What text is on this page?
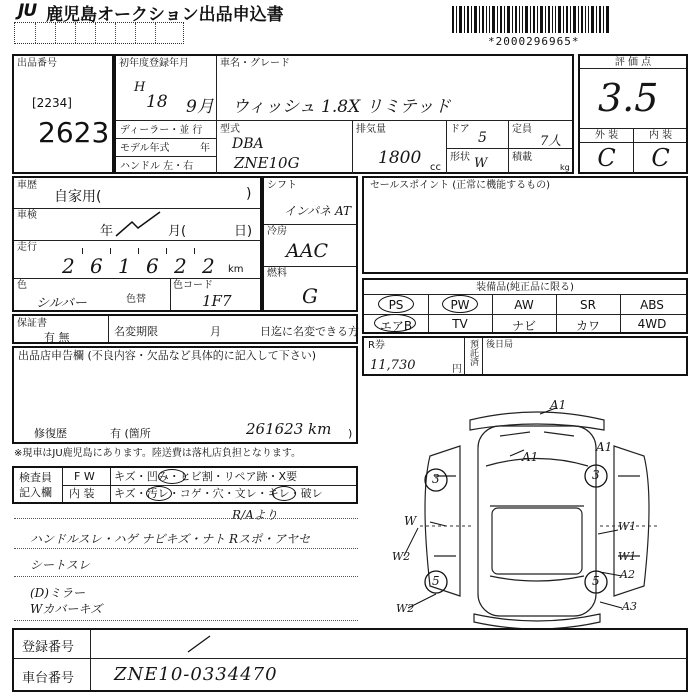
JU 鹿児島オークション出品申込書
*2000296965*
出品番号
[2234]
2623
初年度登録年月
H
18 9月
車名・グレード
ウィッシュ 1.8X リミテッド
ディーラー・並 行
モデル年式	年
ハンドル 左・右
型式
DBA
ZNE10G
排気量
1800 cc
ドア
5
定員
7人
形状 W 積載
kg
評 価 点
3.5
外 装	内 装
C	C
車歴
自家用(	)
車検
年	月(	日)
走行
2 6 1 6 2 2 km
色
シルバー	色替
色コード
1F7
シフト
インパネ AT
冷房
AAC
燃料
G
セールスポイント (正常に機能するもの)
装備品(純正品に限る)
PS	PW	AW	SR	ABS
エアB	TV	ナビ	カワ	4WD
保証書
有 無	名変期限	月	日迄に名変できる方
R券
11,730	円
預託済 後日局
出品店申告欄 (不良内容・欠品など具体的に記入して下さい)
修復歴	有 (箇所	)
261623 km
※現車はJU鹿児島にあります。陸送費は落札店負担となります。
検査員
記入欄
F W キズ・凹み・ヒビ割・リペア跡・X要
内 装 キズ・汚レ・コゲ・穴・文レ・キレ・破レ
R/Aより
ハンドルスレ・ハゲ ナビキズ・ナト Rスポ・アヤセ
シートスレ
(D)ミラー
Wカバーキズ
登録番号
車台番号 ZNE10-0334470
A1
A1
3	3
W
A1
5	5
W2	W1
A2
W2	A3
W1
